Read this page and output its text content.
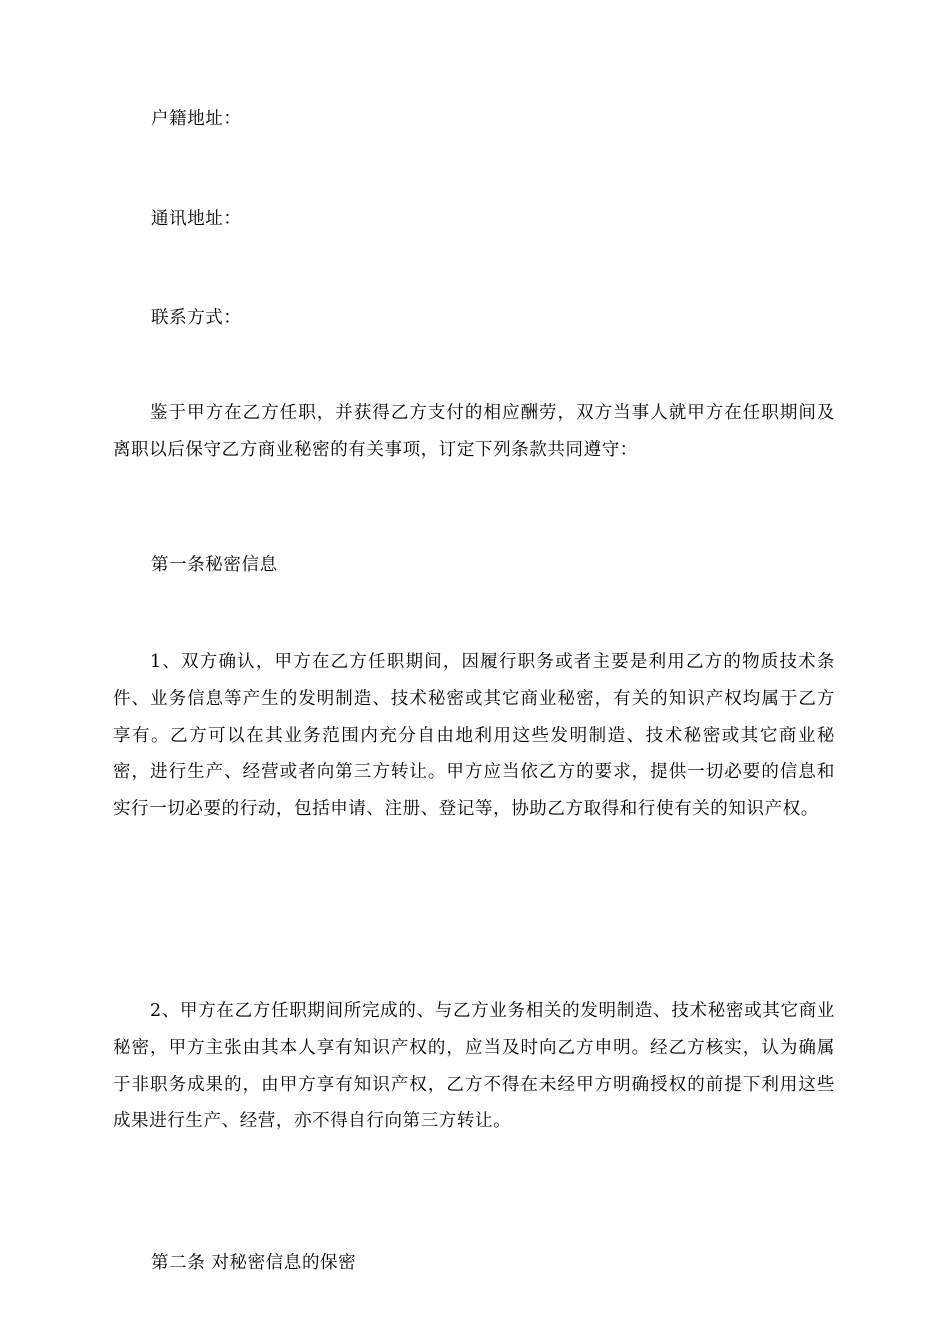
户籍地址：
通讯地址：
联系方式：
鉴于甲方在乙方任职，并获得乙方支付的相应酬劳，双方当事人就甲方在任职期间及离职以后保守乙方商业秘密的有关事项，订定下列条款共同遵守：
第一条秘密信息
1、双方确认，甲方在乙方任职期间，因履行职务或者主要是利用乙方的物质技术条件、业务信息等产生的发明制造、技术秘密或其它商业秘密，有关的知识产权均属于乙方享有。乙方可以在其业务范围内充分自由地利用这些发明制造、技术秘密或其它商业秘密，进行生产、经营或者向第三方转让。甲方应当依乙方的要求，提供一切必要的信息和实行一切必要的行动，包括申请、注册、登记等，协助乙方取得和行使有关的知识产权。
2、甲方在乙方任职期间所完成的、与乙方业务相关的发明制造、技术秘密或其它商业秘密，甲方主张由其本人享有知识产权的，应当及时向乙方申明。经乙方核实，认为确属于非职务成果的，由甲方享有知识产权，乙方不得在未经甲方明确授权的前提下利用这些成果进行生产、经营，亦不得自行向第三方转让。
第二条 对秘密信息的保密
